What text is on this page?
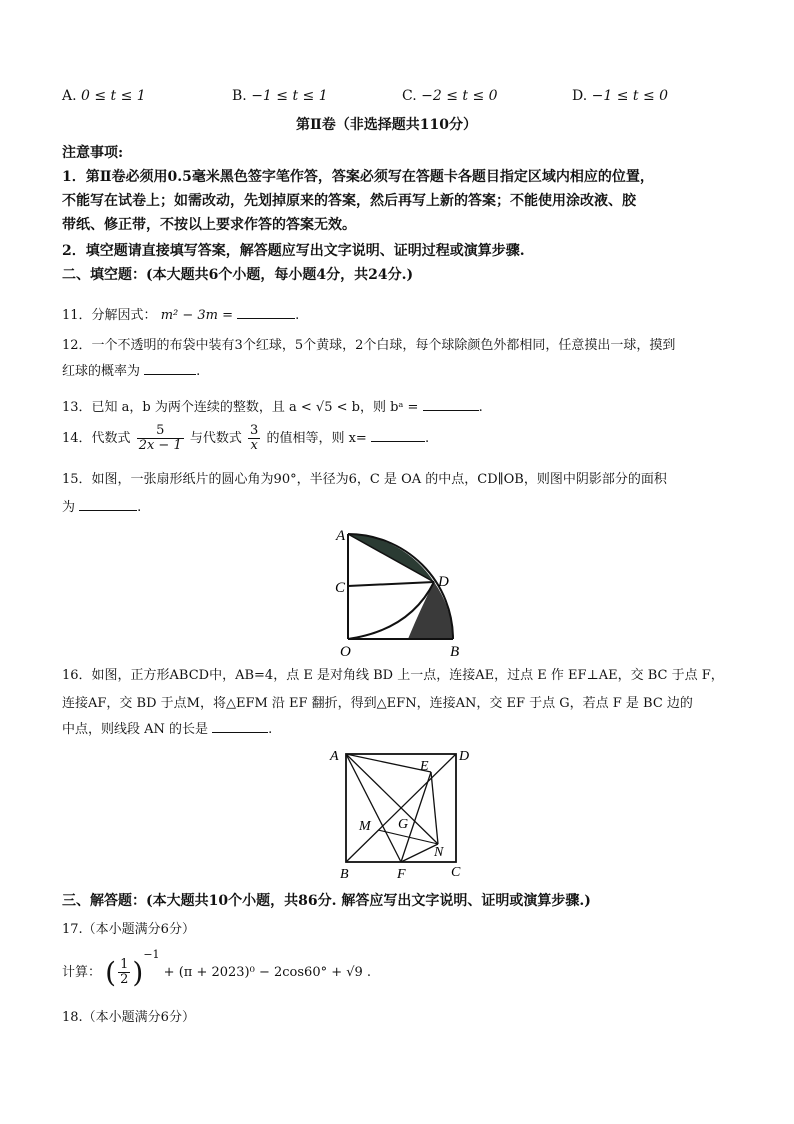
A. 0 ≤ t ≤ 1	B. −1 ≤ t ≤ 1	C. −2 ≤ t ≤ 0	D. −1 ≤ t ≤ 0
第Ⅱ卷（非选择题共110分）
注意事项:
1．第Ⅱ卷必须用0.5毫米黑色签字笔作答，答案必须写在答题卡各题目指定区域内相应的位置，
不能写在试卷上；如需改动，先划掉原来的答案，然后再写上新的答案；不能使用涂改液、胶
带纸、修正带，不按以上要求作答的答案无效。
2．填空题请直接填写答案，解答题应写出文字说明、证明过程或演算步骤.
二、填空题：(本大题共6个小题，每小题4分，共24分.)
11．分解因式： m² − 3m =	.
12．一个不透明的布袋中装有3个红球，5个黄球，2个白球，每个球除颜色外都相同，任意摸出一球，摸到
红球的概率为	.
13．已知 a，b 为两个连续的整数，且 a < √5 < b，则 bᵃ =	.
14．代数式 $\frac{5}{2x - 1}$ 与代数式 $\frac{3}{x}$ 的值相等，则 x=	.
15．如图，一张扇形纸片的圆心角为90°，半径为6，C 是 OA 的中点，CD∥OB，则图中阴影部分的面积
为	.
A
C	D
O	B
16．如图，正方形ABCD中，AB=4，点 E 是对角线 BD 上一点，连接AE，过点 E 作 EF⊥AE，交 BC 于点 F，
连接AF，交 BD 于点M，将△EFM 沿 EF 翻折，得到△EFN，连接AN，交 EF 于点 G，若点 F 是 BC 边的
中点，则线段 AN 的长是	.
A	D
E
M G
N
B	F	C
三、解答题：(本大题共10个小题，共86分. 解答应写出文字说明、证明或演算步骤.)
17.（本小题满分6分）
计算： ( $\frac{1}{2} )^{-1} + (\pi + 2023)^0 - 2\cos 60^\circ + √9$ .
18.（本小题满分6分）
